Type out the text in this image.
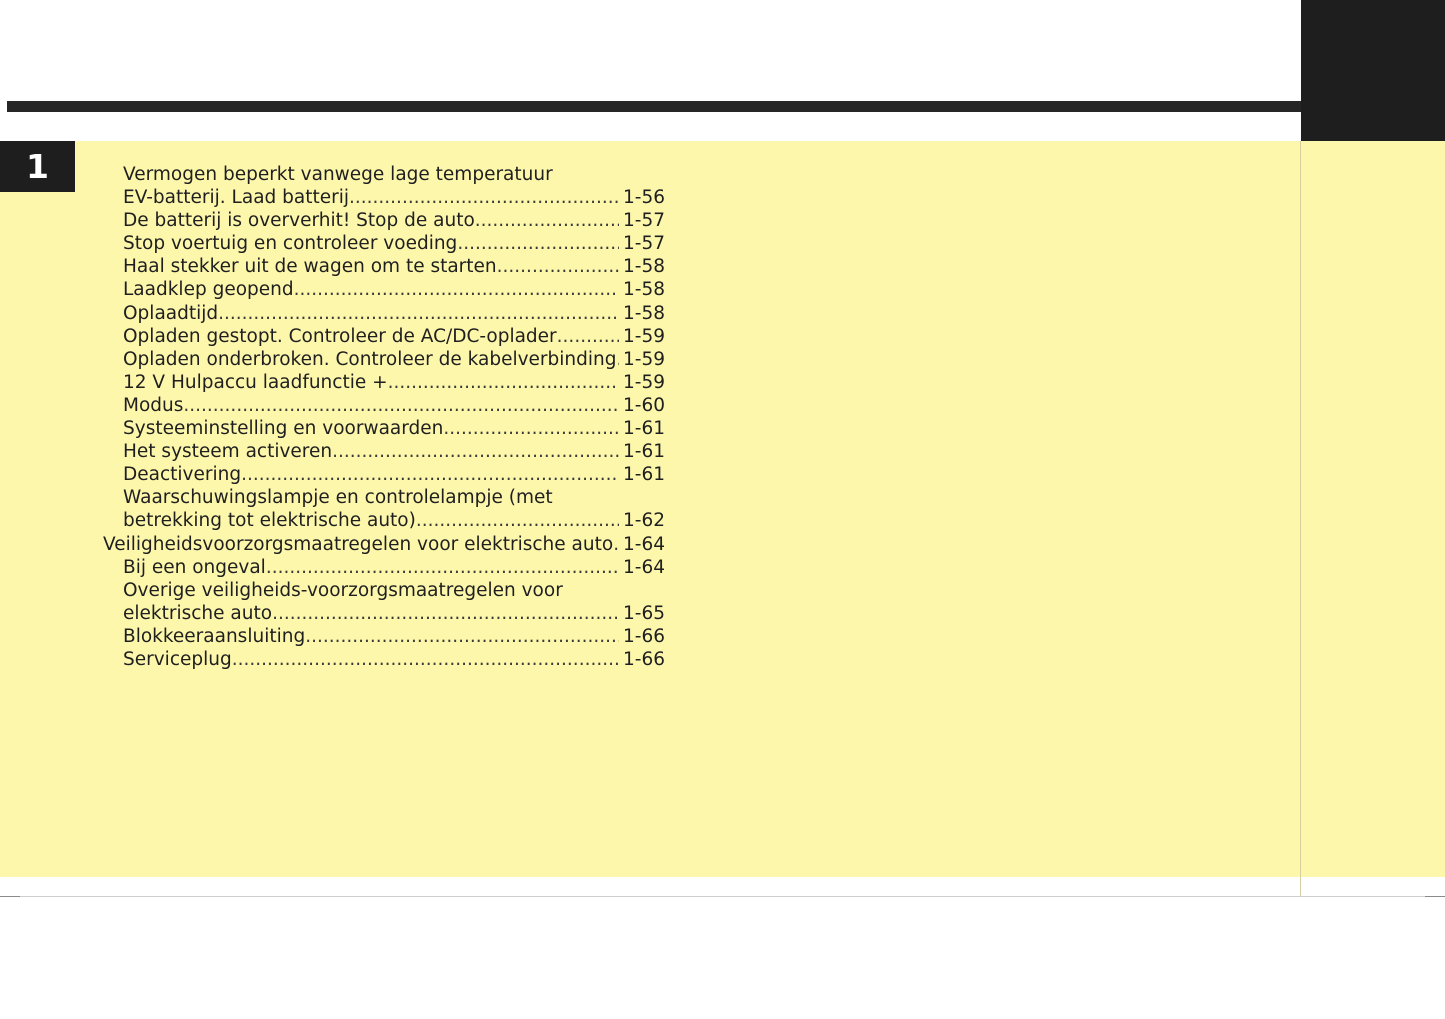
1	Vermogen beperkt vanwege lage temperatuur
EV-batterij. Laad batterij .....	1-56
De batterij is oververhit! Stop de auto .....	1-57
Stop voertuig en controleer voeding .....	1-57
Haal stekker uit de wagen om te starten .....	1-58
Laadklep geopend .....	1-58
Oplaadtijd .....	1-58
Opladen gestopt. Controleer de AC/DC-oplader .....	1-59
Opladen onderbroken. Controleer de kabelverbinding ..... 1-59
12 V Hulpaccu laadfunctie + .....	1-59
Modus .....	1-60
Systeeminstelling en voorwaarden .....	1-61
Het systeem activeren .....	1-61
Deactivering .....	1-61
Waarschuwingslampje en controlelampje (met
betrekking tot elektrische auto) .....	1-62
Veiligheidsvoorzorgsmaatregelen voor elektrische auto ..... 1-64
Bij een ongeval .....	1-64
Overige veiligheids-voorzorgsmaatregelen voor
elektrische auto .....	1-65
Blokkeeraansluiting .....	1-66
Serviceplug .....	1-66
